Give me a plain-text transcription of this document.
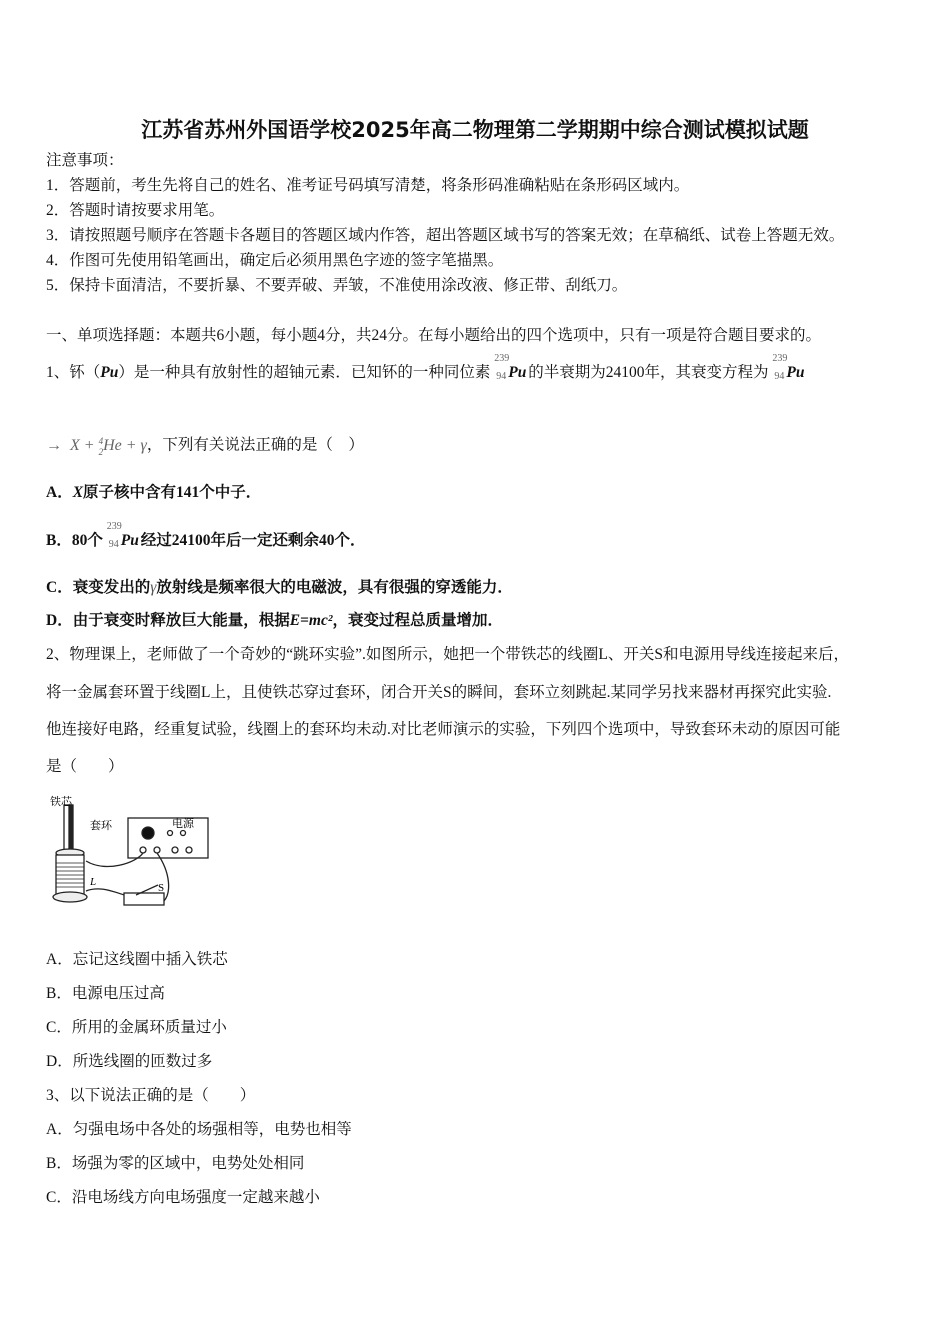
江苏省苏州外国语学校2025年高二物理第二学期期中综合测试模拟试题
注意事项：
1．答题前，考生先将自己的姓名、准考证号码填写清楚，将条形码准确粘贴在条形码区域内。
2．答题时请按要求用笔。
3．请按照题号顺序在答题卡各题目的答题区域内作答，超出答题区域书写的答案无效；在草稿纸、试卷上答题无效。
4．作图可先使用铅笔画出，确定后必须用黑色字迹的签字笔描黑。
5．保持卡面清洁，不要折暴、不要弄破、弄皱，不准使用涂改液、修正带、刮纸刀。
一、单项选择题：本题共6小题，每小题4分，共24分。在每小题给出的四个选项中，只有一项是符合题目要求的。
1、钚（Pu）是一种具有放射性的超铀元素．已知钚的一种同位素
239
94 Pu 的半衰期为24100年，其衰变方程为
239
94 Pu
→ X + 4
2He + γ，下列有关说法正确的是（　）
A．X原子核中含有141个中子．
B．80个
239
94 Pu 经过24100年后一定还剩余40个．
C．衰变发出的γ放射线是频率很大的电磁波，具有很强的穿透能力．
D．由于衰变时释放巨大能量，根据E=mc²，衰变过程总质量增加．
2、物理课上，老师做了一个奇妙的“跳环实验”.如图所示，她把一个带铁芯的线圈L、开关S和电源用导线连接起来后，
将一金属套环置于线圈L上，且使铁芯穿过套环，闭合开关S的瞬间，套环立刻跳起.某同学另找来器材再探究此实验.
他连接好电路，经重复试验，线圈上的套环均未动.对比老师演示的实验，下列四个选项中，导致套环未动的原因可能
是（　　）
铁芯
套环	电源
L	S
A．忘记这线圈中插入铁芯
B．电源电压过高
C．所用的金属环质量过小
D．所选线圈的匝数过多
3、以下说法正确的是（　　）
A．匀强电场中各处的场强相等，电势也相等
B．场强为零的区域中，电势处处相同
C．沿电场线方向电场强度一定越来越小
